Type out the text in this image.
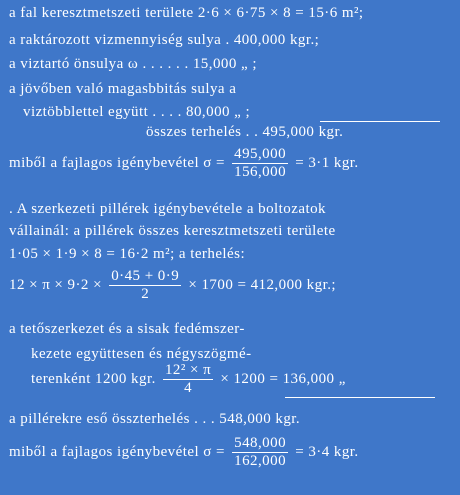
a fal keresztmetszeti területe 2·6 × 6·75 × 8 = 15·6 m²;
a raktározott vizmennyiség sulya . 400,000 kgr.;
a viztartó önsulya ω . . . . . . 15,000 „ ;
a jövőben való magasbbitás sulya a
viztöbblettel együtt . . . . 80,000 „ ;
összes terhelés . . 495,000 kgr.
miből a fajlagos igénybevétel $\sigma = \frac{495,000}{156,000} = 3\cdot 1$ kgr.
. A szerkezeti pillérek igénybevétele a boltozatok
vállainál: a pillérek összes keresztmetszeti területe
1·05 × 1·9 × 8 = 16·2 m²; a terhelés:
$12 \times \pi \times 9\cdot 2 \times \frac{0\cdot 45 + 0\cdot 9}{2} \times 1700 = 412,000$ kgr.;
a tetőszerkezet és a sisak fedémszer-
kezete együttesen és négyszögmé-
terenként 1200 kgr. $\frac{\text{12² × π}}{4} \times 1200 = 136,000$ „
a pillérekre eső összterhelés . . . 548,000 kgr.
miből a fajlagos igénybevétel $\sigma = \frac{548,000}{162,000} = 3\cdot 4$ kgr.
